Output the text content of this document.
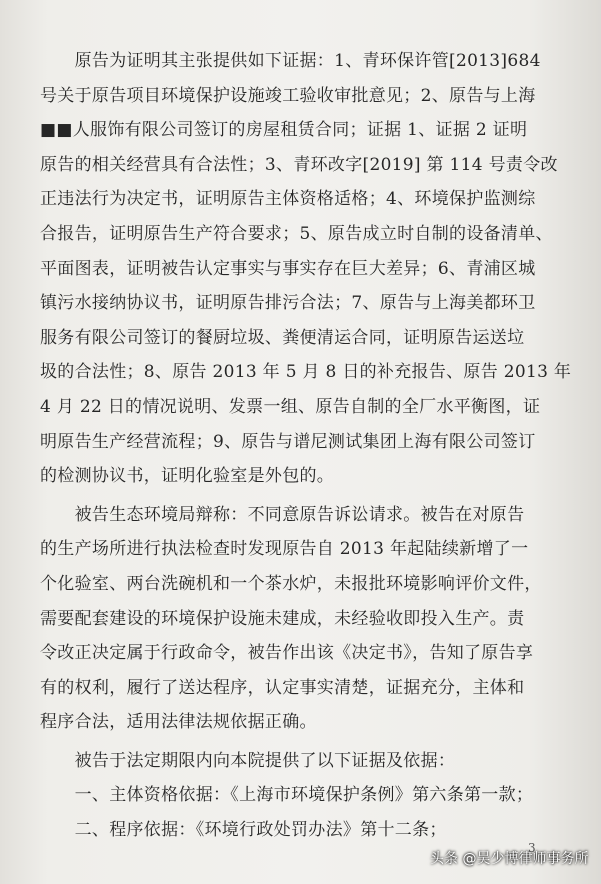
　　原告为证明其主张提供如下证据：1、青环保许管[2013]684
号关于原告项目环境保护设施竣工验收审批意见；2、原告与上海
■■人服饰有限公司签订的房屋租赁合同；证据 1、证据 2 证明
原告的相关经营具有合法性；3、青环改字[2019] 第 114 号责令改
正违法行为决定书，证明原告主体资格适格；4、环境保护监测综
合报告，证明原告生产符合要求；5、原告成立时自制的设备清单、
平面图表，证明被告认定事实与事实存在巨大差异；6、青浦区城
镇污水接纳协议书，证明原告排污合法；7、原告与上海美都环卫
服务有限公司签订的餐厨垃圾、粪便清运合同，证明原告运送垃
圾的合法性；8、原告 2013 年 5 月 8 日的补充报告、原告 2013 年
4 月 22 日的情况说明、发票一组、原告自制的全厂水平衡图，证
明原告生产经营流程；9、原告与谱尼测试集团上海有限公司签订
的检测协议书，证明化验室是外包的。
　　被告生态环境局辩称：不同意原告诉讼请求。被告在对原告
的生产场所进行执法检查时发现原告自 2013 年起陆续新增了一
个化验室、两台洗碗机和一个茶水炉，未报批环境影响评价文件，
需要配套建设的环境保护设施未建成，未经验收即投入生产。责
令改正决定属于行政命令，被告作出该《决定书》，告知了原告享
有的权利，履行了送达程序，认定事实清楚，证据充分，主体和
程序合法，适用法律法规依据正确。
　　被告于法定期限内向本院提供了以下证据及依据：
　　一、主体资格依据：《上海市环境保护条例》第六条第一款；
　　二、程序依据：《环境行政处罚办法》第十二条；
3
头条 @吴少博律师事务所
